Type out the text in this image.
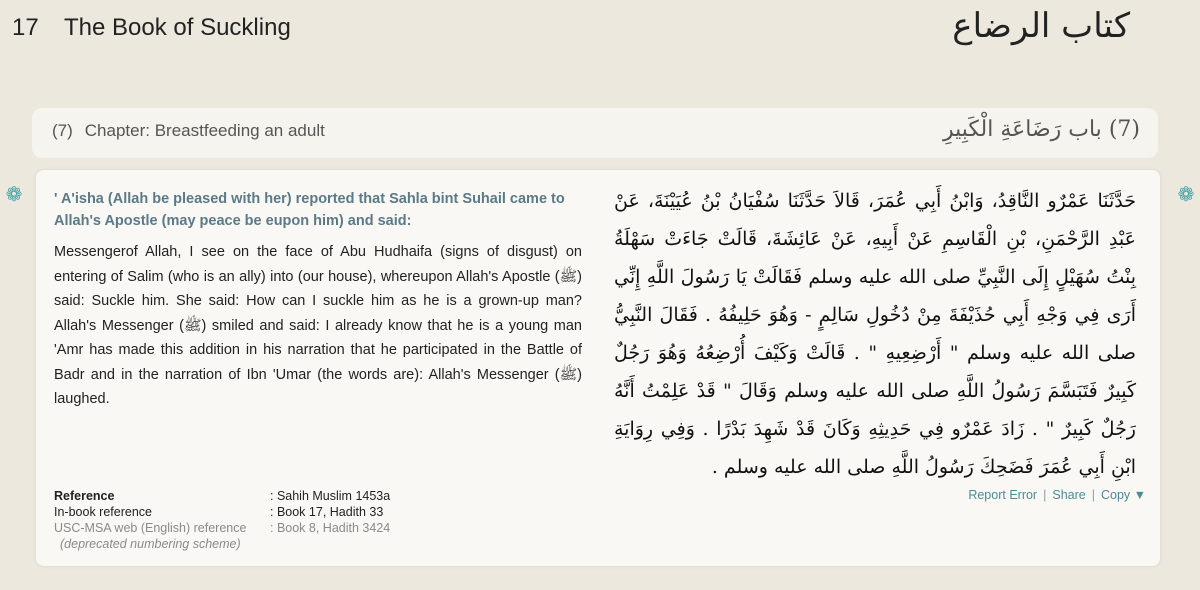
17 The Book of Suckling	كتاب الرضاع
(7) Chapter: Breastfeeding an adult	(7) باب رَضَاعَةِ الْكَبِيرِ
❁	❁
' A'isha (Allah be pleased with her) reported that Sahla bint Suhail came to Allah's Apostle (may peace be eupon him) and said:
Messengerof Allah, I see on the face of Abu Hudhaifa (signs of disgust) on entering of Salim (who is an ally) into (our house), whereupon Allah's Apostle (ﷺ) said: Suckle him. She said: How can I suckle him as he is a grown-up man? Allah's Messenger (ﷺ) smiled and said: I already know that he is a young man 'Amr has made this addition in his narration that he participated in the Battle of Badr and in the narration of Ibn 'Umar (the words are): Allah's Messenger (ﷺ) laughed.
حَدَّثَنَا عَمْرٌو النَّاقِدُ، وَابْنُ أَبِي عُمَرَ، قَالاَ حَدَّثَنَا سُفْيَانُ بْنُ عُيَيْنَةَ، عَنْ عَبْدِ الرَّحْمَنِ، بْنِ الْقَاسِمِ عَنْ أَبِيهِ، عَنْ عَائِشَةَ، قَالَتْ جَاءَتْ سَهْلَةُ بِنْتُ سُهَيْلٍ إِلَى النَّبِيِّ صلى الله عليه وسلم فَقَالَتْ يَا رَسُولَ اللَّهِ إِنِّي أَرَى فِي وَجْهِ أَبِي حُذَيْفَةَ مِنْ دُخُولِ سَالِمٍ - وَهُوَ حَلِيفُهُ . فَقَالَ النَّبِيُّ صلى الله عليه وسلم " أَرْضِعِيهِ " . قَالَتْ وَكَيْفَ أُرْضِعُهُ وَهُوَ رَجُلٌ كَبِيرٌ فَتَبَسَّمَ رَسُولُ اللَّهِ صلى الله عليه وسلم وَقَالَ " قَدْ عَلِمْتُ أَنَّهُ رَجُلٌ كَبِيرٌ " . زَادَ عَمْرٌو فِي حَدِيثِهِ وَكَانَ قَدْ شَهِدَ بَدْرًا . وَفِي رِوَايَةِ ابْنِ أَبِي عُمَرَ فَضَحِكَ رَسُولُ اللَّهِ صلى الله عليه وسلم .
Reference	: Sahih Muslim 1453a
In-book reference	: Book 17, Hadith 33
USC-MSA web (English) reference	: Book 8, Hadith 3424
(deprecated numbering scheme)
Report Error | Share | Copy ▼
